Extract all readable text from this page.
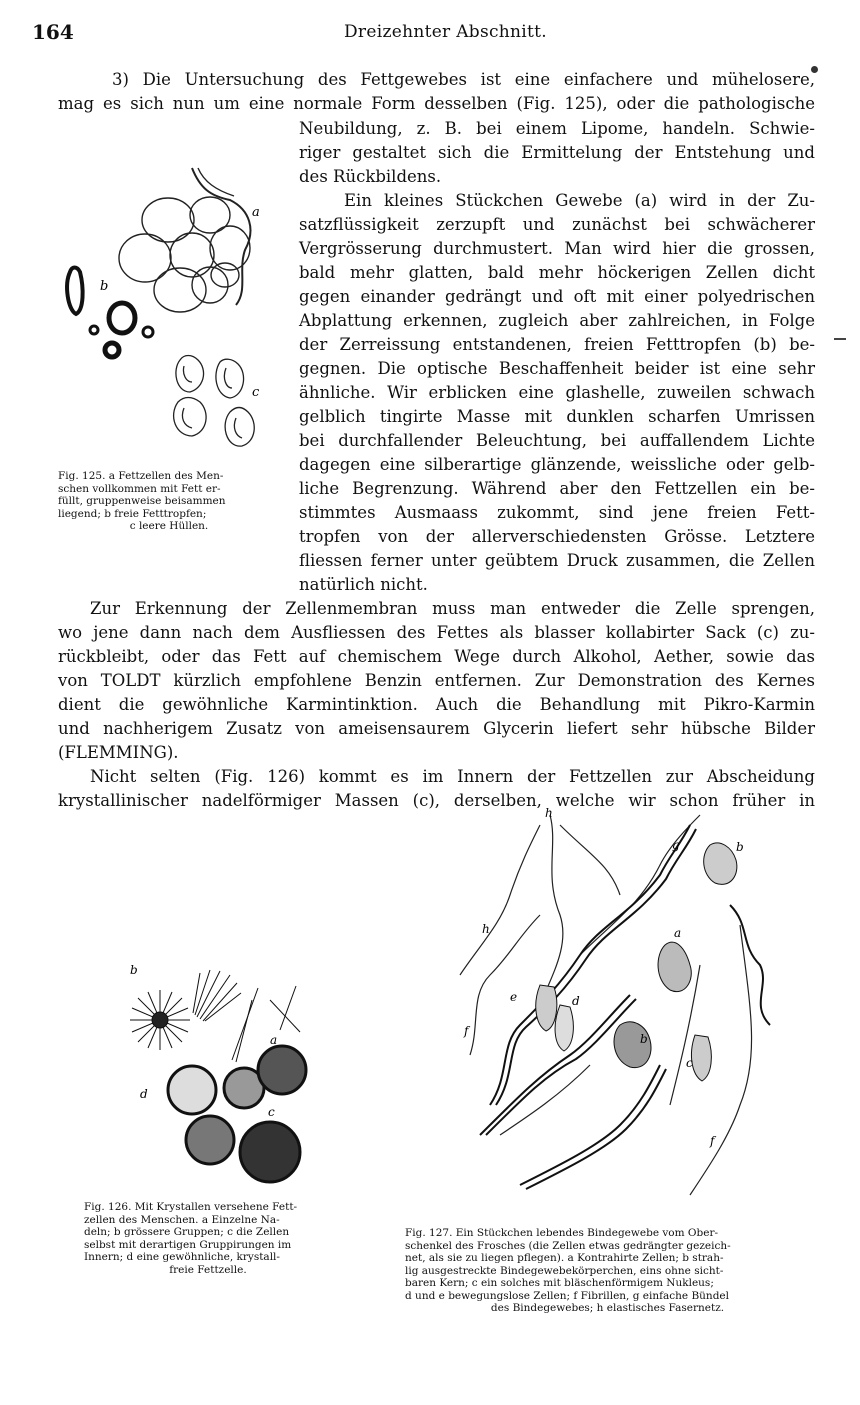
164	Dreizehnter Abschnitt.
3) Die Untersuchung des Fettgewebes ist eine einfachere und mühelosere,
mag es sich nun um eine normale Form desselben (Fig. 125), oder die pathologische
Neubildung, z. B. bei einem Lipome, handeln. Schwie-
riger gestaltet sich die Ermittelung der Entstehung und
des Rückbildens.
Ein kleines Stückchen Gewebe (a) wird in der Zu-
satzflüssigkeit zerzupft und zunächst bei schwächerer
Vergrösserung durchmustert. Man wird hier die grossen,
bald mehr glatten, bald mehr höckerigen Zellen dicht
gegen einander gedrängt und oft mit einer polyedrischen
Abplattung erkennen, zugleich aber zahlreichen, in Folge
der Zerreissung entstandenen, freien Fetttropfen (b) be-
gegnen. Die optische Beschaffenheit beider ist eine sehr
ähnliche. Wir erblicken eine glashelle, zuweilen schwach
gelblich tingirte Masse mit dunklen scharfen Umrissen
bei durchfallender Beleuchtung, bei auffallendem Lichte
dagegen eine silberartige glänzende, weissliche oder gelb-
liche Begrenzung. Während aber den Fettzellen ein be-
stimmtes Ausmaass zukommt, sind jene freien Fett-
tropfen von der allerverschiedensten Grösse. Letztere
fliessen ferner unter geübtem Druck zusammen, die Zellen
natürlich nicht.
Zur Erkennung der Zellenmembran muss man entweder die Zelle sprengen,
wo jene dann nach dem Ausfliessen des Fettes als blasser kollabirter Sack (c) zu-
rückbleibt, oder das Fett auf chemischem Wege durch Alkohol, Aether, sowie das
von TOLDT kürzlich empfohlene Benzin entfernen. Zur Demonstration des Kernes
dient die gewöhnliche Karmintinktion. Auch die Behandlung mit Pikro-Karmin
und nachherigem Zusatz von ameisensaurem Glycerin liefert sehr hübsche Bilder
(FLEMMING).
Nicht selten (Fig. 126) kommt es im Innern der Fettzellen zur Abscheidung
krystallinischer nadelförmiger Massen (c), derselben, welche wir schon früher in
a
b
c
Fig. 125. a Fettzellen des Men-
schen vollkommen mit Fett er-
füllt, gruppenweise beisammen
liegend; b freie Fetttropfen;
c leere Hüllen.
b
a
d
c
Fig. 126. Mit Krystallen versehene Fett-
zellen des Menschen. a Einzelne Na-
deln; b grössere Gruppen; c die Zellen
selbst mit derartigen Gruppirungen im
Innern; d eine gewöhnliche, krystall-
freie Fettzelle.
h
h
g	b
a
b
e	d
f
c
f
Fig. 127. Ein Stückchen lebendes Bindegewebe vom Ober-
schenkel des Frosches (die Zellen etwas gedrängter gezeich-
net, als sie zu liegen pflegen). a Kontrahirte Zellen; b strah-
lig ausgestreckte Bindegewebekörperchen, eins ohne sicht-
baren Kern; c ein solches mit bläschenförmigem Nukleus;
d und e bewegungslose Zellen; f Fibrillen, g einfache Bündel
des Bindegewebes; h elastisches Fasernetz.
